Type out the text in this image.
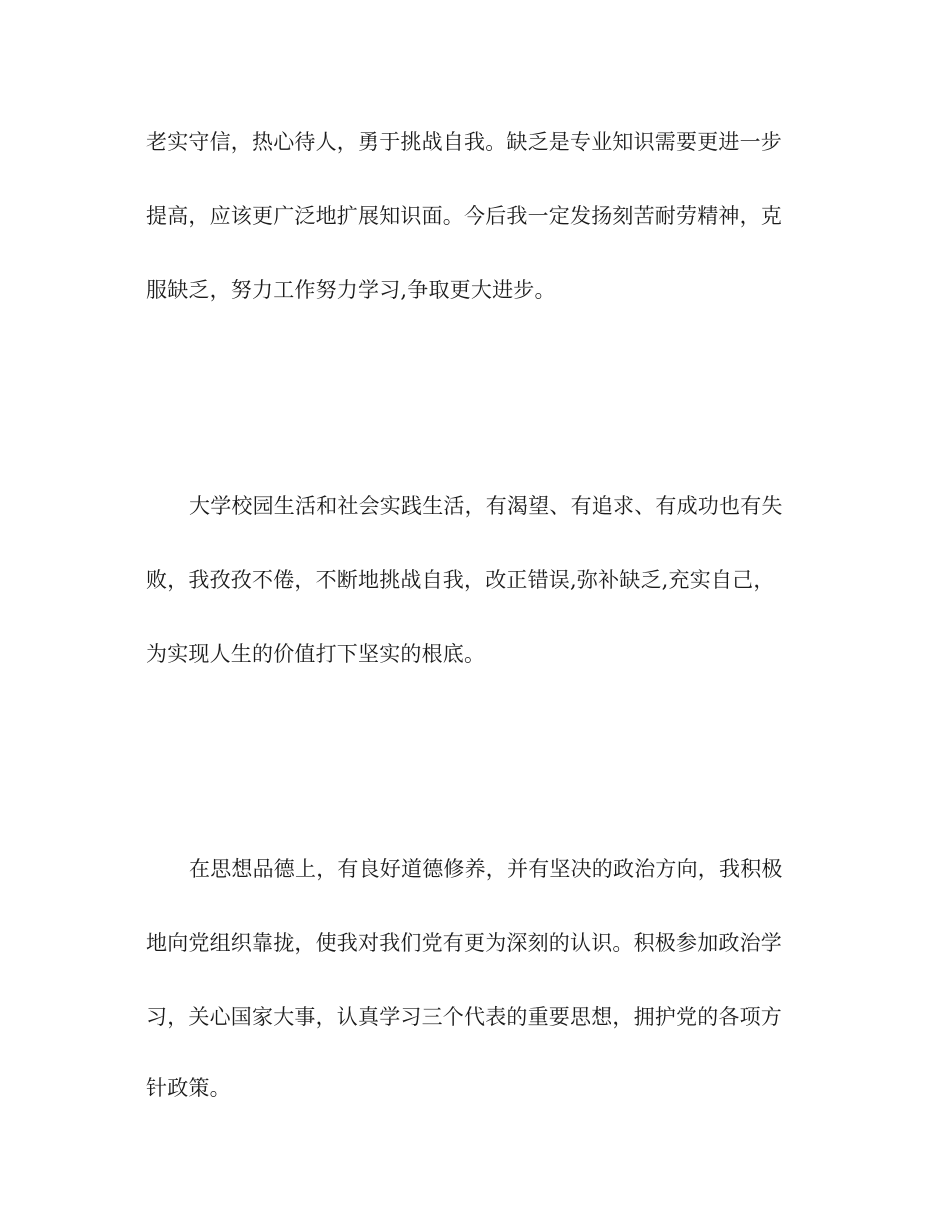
老实守信，热心待人，勇于挑战自我。缺乏是专业知识需要更进一步
提高，应该更广泛地扩展知识面。今后我一定发扬刻苦耐劳精神，克
服缺乏，努力工作努力学习,争取更大进步。
大学校园生活和社会实践生活，有渴望、有追求、有成功也有失
败，我孜孜不倦，不断地挑战自我，改正错误,弥补缺乏,充实自己，
为实现人生的价值打下坚实的根底。
在思想品德上，有良好道德修养，并有坚决的政治方向，我积极
地向党组织靠拢，使我对我们党有更为深刻的认识。积极参加政治学
习，关心国家大事，认真学习三个代表的重要思想，拥护党的各项方
针政策。
